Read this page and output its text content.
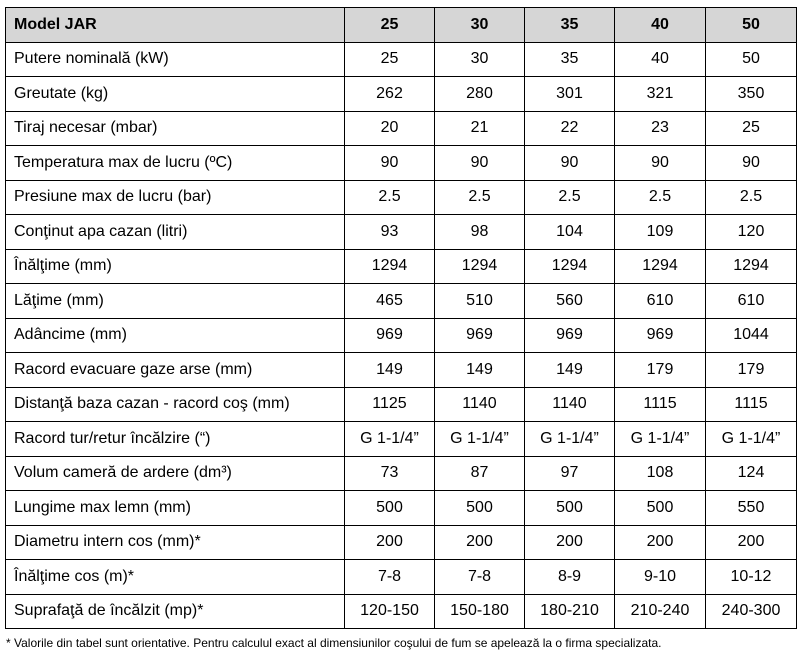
Model JAR	25	30	35	40	50
Putere nominală (kW)	25	30	35	40	50
Greutate (kg)	262	280	301	321	350
Tiraj necesar (mbar)	20	21	22	23	25
Temperatura max de lucru (ºC)	90	90	90	90	90
Presiune max de lucru (bar)	2.5	2.5	2.5	2.5	2.5
Conţinut apa cazan (litri)	93	98	104	109	120
Înălţime (mm)	1294	1294	1294	1294	1294
Lăţime (mm)	465	510	560	610	610
Adâncime (mm)	969	969	969	969	1044
Racord evacuare gaze arse (mm)	149	149	149	179	179
Distanţă baza cazan - racord coş (mm)	1125	1140	1140	1115	1115
Racord tur/retur încălzire (“)	G 1-1/4”	G 1-1/4”	G 1-1/4”	G 1-1/4”	G 1-1/4”
Volum cameră de ardere (dm³)	73	87	97	108	124
Lungime max lemn (mm)	500	500	500	500	550
Diametru intern cos (mm)*	200	200	200	200	200
Înălţime cos (m)*	7-8	7-8	8-9	9-10	10-12
Suprafaţă de încălzit (mp)*	120-150	150-180	180-210	210-240	240-300
* Valorile din tabel sunt orientative. Pentru calculul exact al dimensiunilor coşului de fum se apelează la o firma specializata.
